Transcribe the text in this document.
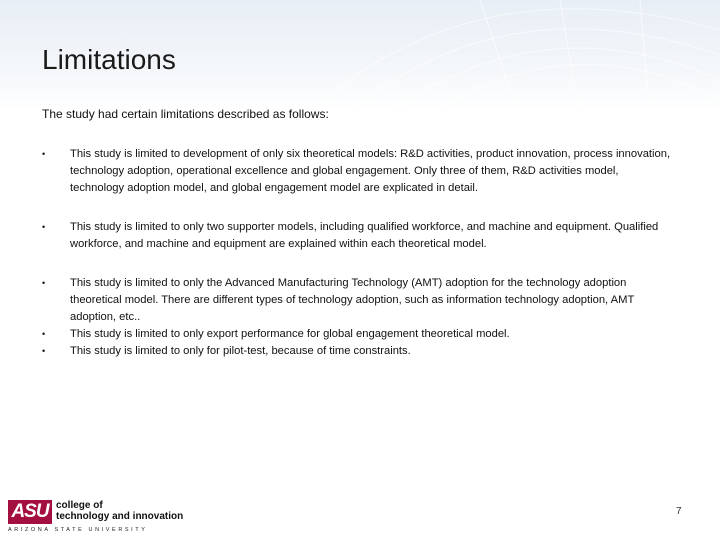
Limitations

The study had certain limitations described as follows:

• This study is limited to development of only six theoretical models: R&D activities, product innovation, process innovation, technology adoption, operational excellence and global engagement. Only three of them, R&D activities model, technology adoption model, and global engagement model are explicated in detail.
• This study is limited to only two supporter models, including qualified workforce, and machine and equipment. Qualified workforce, and machine and equipment are explained within each theoretical model.
• This study is limited to only the Advanced Manufacturing Technology (AMT) adoption for the technology adoption theoretical model. There are different types of technology adoption, such as information technology adoption, AMT adoption, etc..
• This study is limited to only export performance for global engagement theoretical model.
• This study is limited to only for pilot-test, because of time constraints.
ASU college of
technology and innovation
ARIZONA STATE UNIVERSITY
7
